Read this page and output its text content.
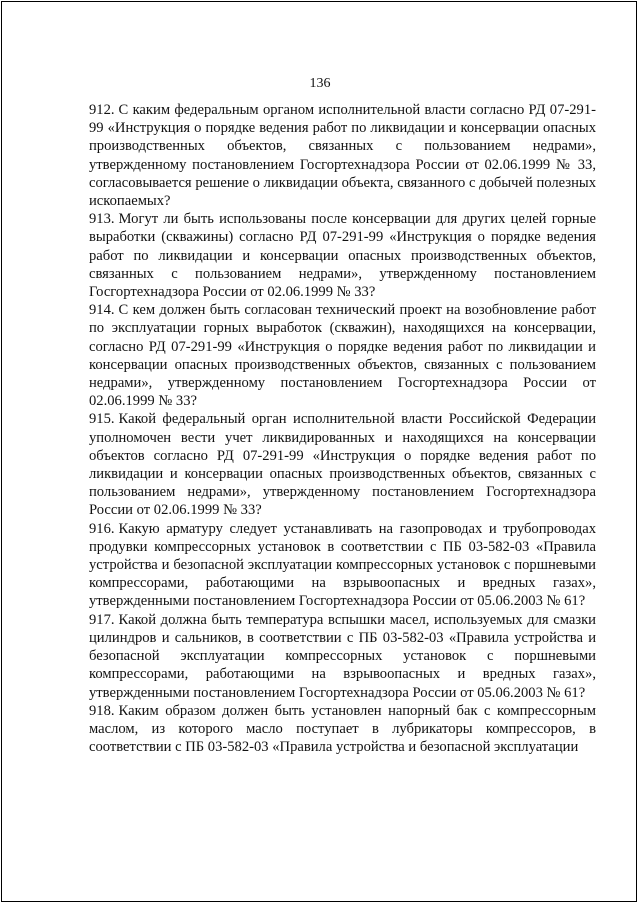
136

912. С каким федеральным органом исполнительной власти согласно РД 07-291-99 «Инструкция о порядке ведения работ по ликвидации и консервации опасных производственных объектов, связанных с пользованием недрами», утвержденному постановлением Госгортехнадзора России от 02.06.1999 № 33, согласовывается решение о ликвидации объекта, связанного с добычей полезных ископаемых?

913. Могут ли быть использованы после консервации для других целей горные выработки (скважины) согласно РД 07-291-99 «Инструкция о порядке ведения работ по ликвидации и консервации опасных производственных объектов, связанных с пользованием недрами», утвержденному постановлением Госгортехнадзора России от 02.06.1999 № 33?

914. С кем должен быть согласован технический проект на возобновление работ по эксплуатации горных выработок (скважин), находящихся на консервации, согласно РД 07-291-99 «Инструкция о порядке ведения работ по ликвидации и консервации опасных производственных объектов, связанных с пользованием недрами», утвержденному постановлением Госгортехнадзора России от 02.06.1999 № 33?

915. Какой федеральный орган исполнительной власти Российской Федерации уполномочен вести учет ликвидированных и находящихся на консервации объектов согласно РД 07-291-99 «Инструкция о порядке ведения работ по ликвидации и консервации опасных производственных объектов, связанных с пользованием недрами», утвержденному постановлением Госгортехнадзора России от 02.06.1999 № 33?

916. Какую арматуру следует устанавливать на газопроводах и трубопроводах продувки компрессорных установок в соответствии с ПБ 03-582-03 «Правила устройства и безопасной эксплуатации компрессорных установок с поршневыми компрессорами, работающими на взрывоопасных и вредных газах», утвержденными постановлением Госгортехнадзора России от 05.06.2003 № 61?

917. Какой должна быть температура вспышки масел, используемых для смазки цилиндров и сальников, в соответствии с ПБ 03-582-03 «Правила устройства и безопасной эксплуатации компрессорных установок с поршневыми компрессорами, работающими на взрывоопасных и вредных газах», утвержденными постановлением Госгортехнадзора России от 05.06.2003 № 61?

918. Каким образом должен быть установлен напорный бак с компрессорным маслом, из которого масло поступает в лубрикаторы компрессоров, в соответствии с ПБ 03-582-03 «Правила устройства и безопасной эксплуатации
